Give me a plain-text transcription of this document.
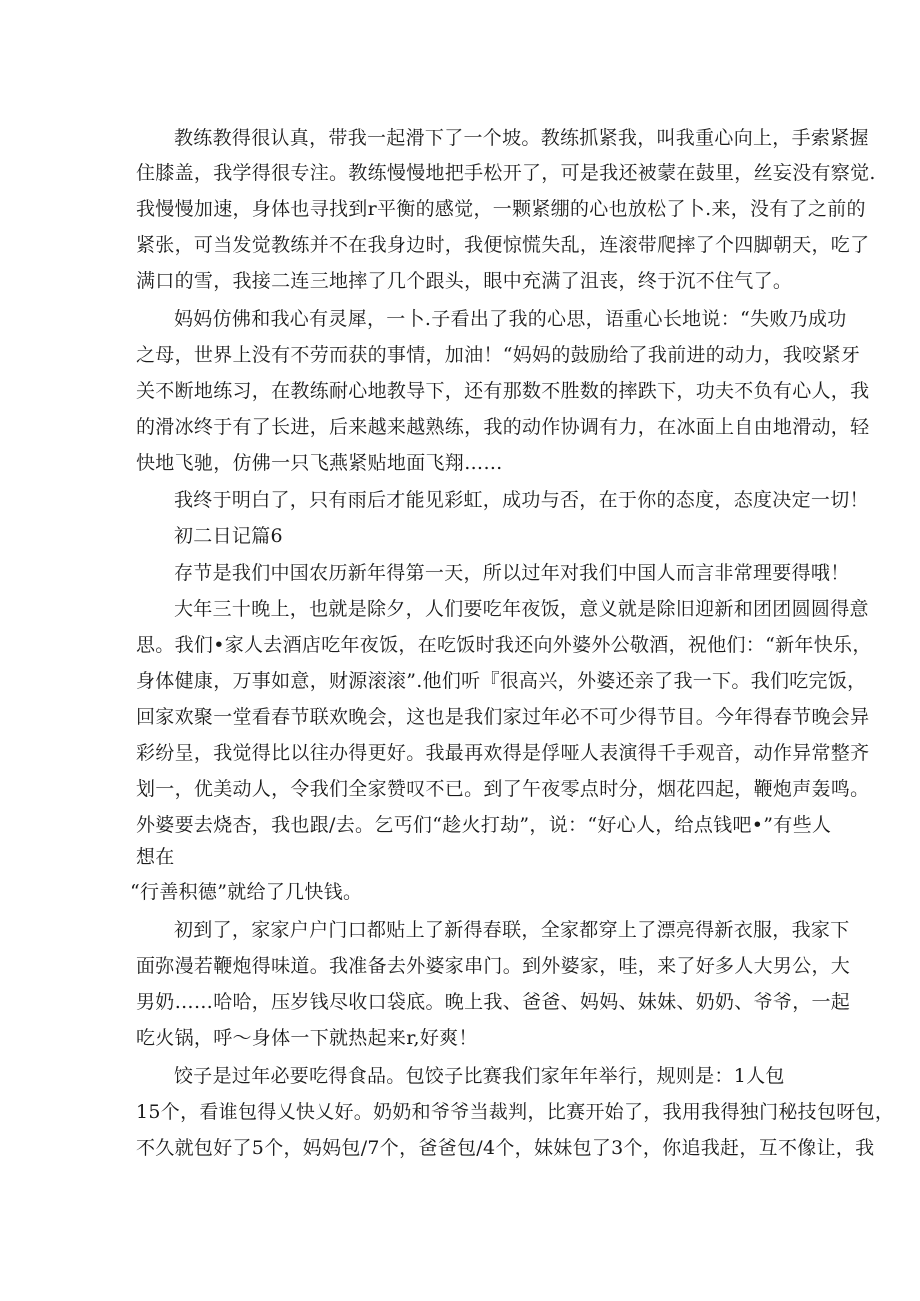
教练教得很认真，带我一起滑下了一个坡。教练抓紧我，叫我重心向上，手索紧握
住膝盖，我学得很专注。教练慢慢地把手松开了，可是我还被蒙在鼓里，丝妄没有察觉.
我慢慢加速，身体也寻找到r平衡的感觉，一颗紧绷的心也放松了卜.来，没有了之前的
紧张，可当发觉教练并不在我身边时，我便惊慌失乱，连滚带爬摔了个四脚朝天，吃了
满口的雪，我接二连三地摔了几个跟头，眼中充满了沮丧，终于沉不住气了。
妈妈仿佛和我心有灵犀，一卜.子看出了我的心思，语重心长地说：“失败乃成功
之母，世界上没有不劳而获的事情，加油！“妈妈的鼓励给了我前进的动力，我咬紧牙
关不断地练习，在教练耐心地教导下，还有那数不胜数的摔跌下，功夫不负有心人，我
的滑冰终于有了长进，后来越来越熟练，我的动作协调有力，在冰面上自由地滑动，轻
快地飞驰，仿佛一只飞燕紧贴地面飞翔……
我终于明白了，只有雨后才能见彩虹，成功与否，在于你的态度，态度决定一切！
初二日记篇6
存节是我们中国农历新年得第一天，所以过年对我们中国人而言非常理要得哦！
大年三十晚上，也就是除夕，人们要吃年夜饭，意义就是除旧迎新和团团圆圆得意
思。我们•家人去酒店吃年夜饭，在吃饭时我还向外婆外公敬酒，祝他们：“新年快乐，
身体健康，万事如意，财源滚滚”.他们听『很高兴，外婆还亲了我一下。我们吃完饭，
回家欢聚一堂看春节联欢晚会，这也是我们家过年必不可少得节目。今年得春节晚会异
彩纷呈，我觉得比以往办得更好。我最再欢得是俘哑人表演得千手观音，动作异常整齐
划一，优美动人，令我们全家赞叹不已。到了午夜零点时分，烟花四起，鞭炮声轰鸣。
外婆要去烧杏，我也跟/去。乞丐们“趁火打劫”，说：“好心人，给点钱吧•”有些人
想在
“行善积德”就给了几快钱。
初到了，家家户户门口都贴上了新得春联，全家都穿上了漂亮得新衣服，我家下
面弥漫若鞭炮得味道。我准备去外婆家串门。到外婆家，哇，来了好多人大男公，大
男奶……哈哈，压岁钱尽收口袋底。晚上我、爸爸、妈妈、妹妹、奶奶、爷爷，一起
吃火锅，呼～身体一下就热起来r,好爽！
饺子是过年必要吃得食品。包饺子比赛我们家年年举行，规则是：1人包
15个，看谁包得乂快乂好。奶奶和爷爷当裁判，比赛开始了，我用我得独门秘技包呀包，
不久就包好了5个，妈妈包/7个，爸爸包/4个，妹妹包了3个，你追我赶，互不像让，我
